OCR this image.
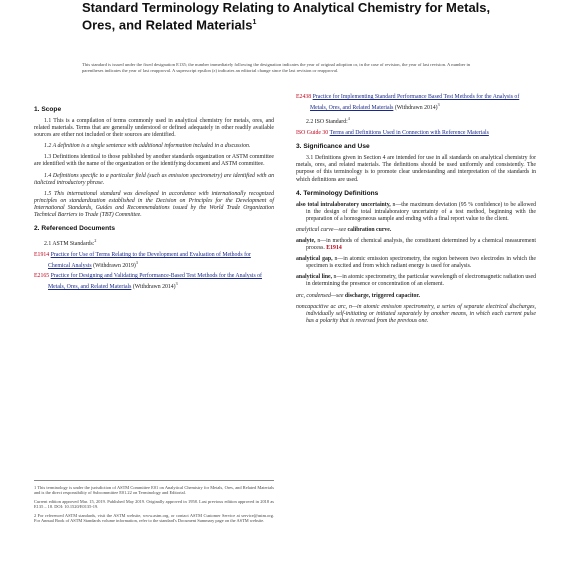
Standard Terminology Relating to Analytical Chemistry for Metals, Ores, and Related Materials$^1$
This standard is issued under the fixed designation E135; the number immediately following the designation indicates the year of original adoption or, in the case of revision, the year of last revision. A number in parentheses indicates the year of last reapproval. A superscript epsilon (ε) indicates an editorial change since the last revision or reapproval.
1. Scope

1.1 This is a compilation of terms commonly used in analytical chemistry for metals, ores, and related materials. Terms that are generally understood or defined adequately in other readily available sources are either not included or their sources are identified.

1.2 A definition is a single sentence with additional information included in a discussion.

1.3 Definitions identical to those published by another standards organization or ASTM committee are identified with the name of the organization or the identifying document and ASTM committee.

1.4 Definitions specific to a particular field (such as emission spectrometry) are identified with an italicized introductory phrase.

1.5 This international standard was developed in accordance with internationally recognized principles on standardization established in the Decision on Principles for the Development of International Standards, Guides and Recommendations issued by the World Trade Organization Technical Barriers to Trade (TBT) Committee.

2. Referenced Documents

2.1 ASTM Standards:$^2$

E1914 Practice for Use of Terms Relating to the Development and Evaluation of Methods for Chemical Analysis (Withdrawn 2019)$^3$
E2165 Practice for Designing and Validating Performance-Based Test Methods for the Analysis of Metals, Ores, and Related Materials (Withdrawn 2014)$^3$
1 This terminology is under the jurisdiction of ASTM Committee E01 on Analytical Chemistry for Metals, Ores, and Related Materials and is the direct responsibility of Subcommittee E01.22 on Terminology and Editorial.
Current edition approved Mar. 15, 2019. Published May 2019. Originally approved in 1958. Last previous edition approved in 2018 as E135 – 18. DOI: 10.1520/E0135-19.
2 For referenced ASTM standards, visit the ASTM website, www.astm.org, or contact ASTM Customer Service at service@astm.org. For Annual Book of ASTM Standards volume information, refer to the standard's Document Summary page on the ASTM website.
E2438 Practice for Implementing Standard Performance Based Test Methods for the Analysis of Metals, Ores, and Related Materials (Withdrawn 2014)$^3$

2.2 ISO Standard:$^4$

ISO Guide 30 Terms and Definitions Used in Connection with Reference Materials
3. Significance and Use

3.1 Definitions given in Section 4 are intended for use in all standards on analytical chemistry for metals, ores, and related materials. The definitions should be used uniformly and consistently. The purpose of this terminology is to promote clear understanding and interpretation of the standards in which definitions are used.

4. Terminology Definitions
also total intralaboratory uncertainty, n—the maximum deviation (95 % confidence) to be allowed in the design of the total intralaboratory uncertainty of a test method, beginning with the preparation of a homogeneous sample and ending with a final report value to the client.
analytical curve—see calibration curve.
analyte, n—in methods of chemical analysis, the constituent determined by a chemical measurement process. E1914
analytical gap, n—in atomic emission spectrometry, the region between two electrodes in which the specimen is excited and from which radiant energy is used for analysis.
analytical line, n—in atomic spectrometry, the particular wavelength of electromagnetic radiation used in determining the presence or concentration of an element.
arc, condensed—see discharge, triggered capacitor.
noncapacitive ac arc, n—in atomic emission spectrometry, a series of separate electrical discharges, individually self-initiating or initiated separately by another means, in which each current pulse has a polarity that is reversed from the previous one.
